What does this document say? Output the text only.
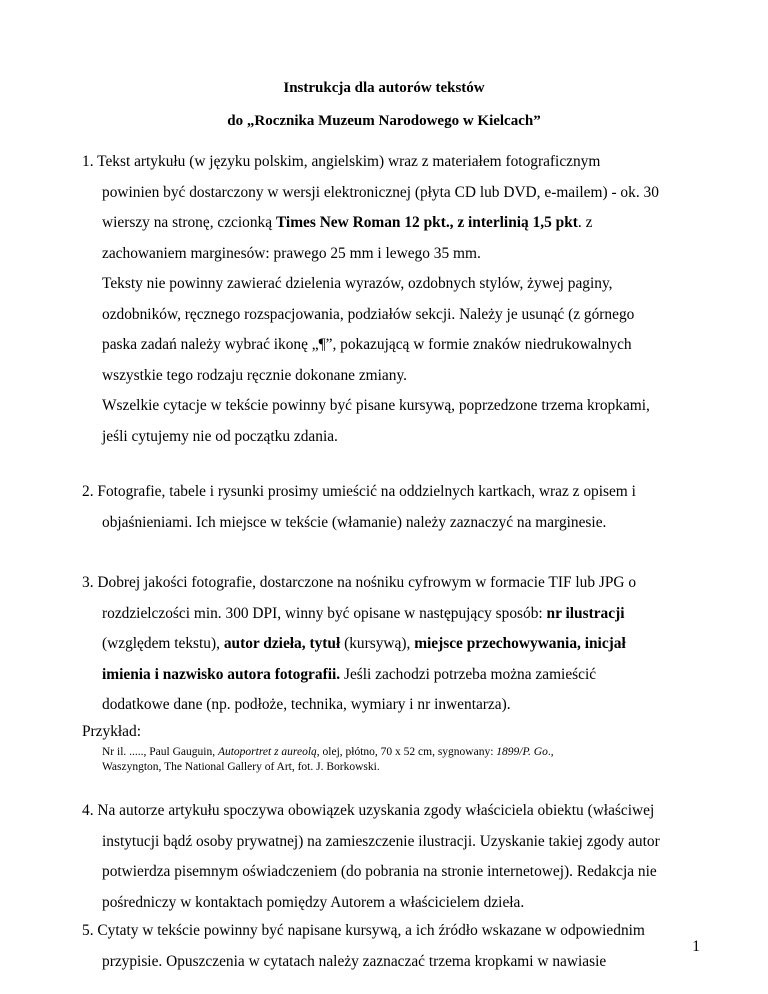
Instrukcja dla autorów tekstów
do „Rocznika Muzeum Narodowego w Kielcach”
1. Tekst artykułu (w języku polskim, angielskim) wraz z materiałem fotograficznym
powinien być dostarczony w wersji elektronicznej (płyta CD lub DVD, e-mailem) - ok. 30
wierszy na stronę, czcionką Times New Roman 12 pkt., z interlinią 1,5 pkt. z
zachowaniem marginesów: prawego 25 mm i lewego 35 mm.
Teksty nie powinny zawierać dzielenia wyrazów, ozdobnych stylów, żywej paginy,
ozdobników, ręcznego rozspacjowania, podziałów sekcji. Należy je usunąć (z górnego
paska zadań należy wybrać ikonę „¶”, pokazującą w formie znaków niedrukowalnych
wszystkie tego rodzaju ręcznie dokonane zmiany.
Wszelkie cytacje w tekście powinny być pisane kursywą, poprzedzone trzema kropkami,
jeśli cytujemy nie od początku zdania.
2. Fotografie, tabele i rysunki prosimy umieścić na oddzielnych kartkach, wraz z opisem i
objaśnieniami. Ich miejsce w tekście (włamanie) należy zaznaczyć na marginesie.
3. Dobrej jakości fotografie, dostarczone na nośniku cyfrowym w formacie TIF lub JPG o
rozdzielczości min. 300 DPI, winny być opisane w następujący sposób: nr ilustracji
(względem tekstu), autor dzieła, tytuł (kursywą), miejsce przechowywania, inicjał
imienia i nazwisko autora fotografii. Jeśli zachodzi potrzeba można zamieścić
dodatkowe dane (np. podłoże, technika, wymiary i nr inwentarza).
Przykład:
Nr il. ....., Paul Gauguin, Autoportret z aureolą, olej, płótno, 70 x 52 cm, sygnowany: 1899/P. Go.,
Waszyngton, The National Gallery of Art, fot. J. Borkowski.
4. Na autorze artykułu spoczywa obowiązek uzyskania zgody właściciela obiektu (właściwej
instytucji bądź osoby prywatnej) na zamieszczenie ilustracji. Uzyskanie takiej zgody autor
potwierdza pisemnym oświadczeniem (do pobrania na stronie internetowej). Redakcja nie
pośredniczy w kontaktach pomiędzy Autorem a właścicielem dzieła.
5. Cytaty w tekście powinny być napisane kursywą, a ich źródło wskazane w odpowiednim
przypisie. Opuszczenia w cytatach należy zaznaczać trzema kropkami w nawiasie
1
